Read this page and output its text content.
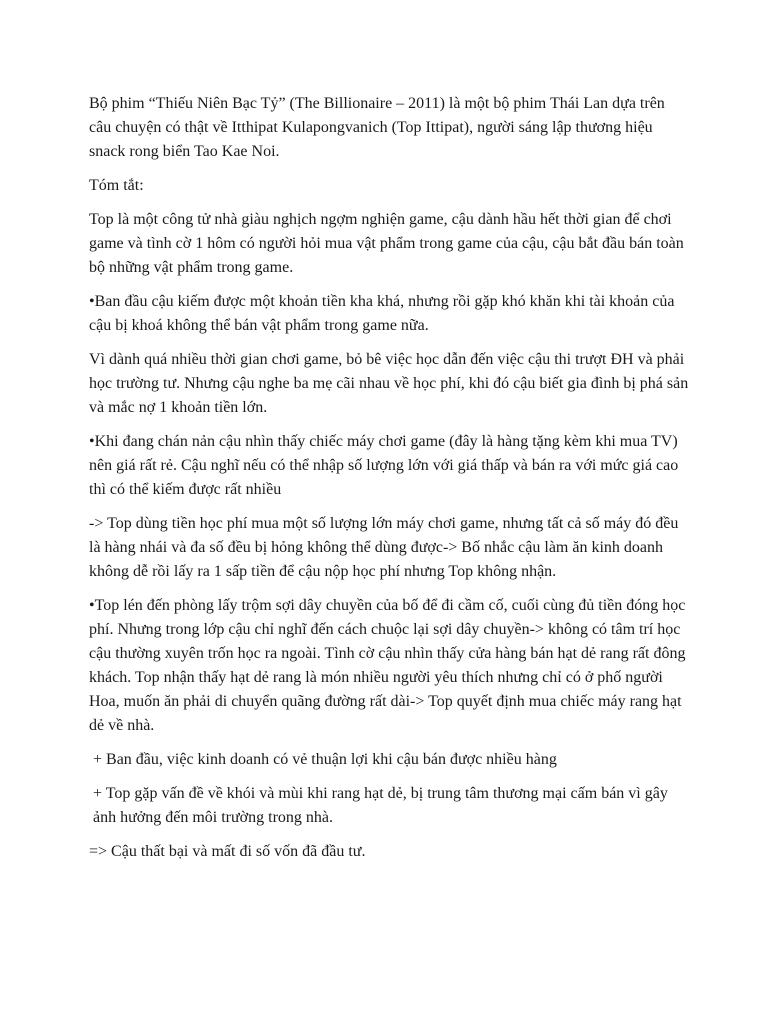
Bộ phim “Thiếu Niên Bạc Tỷ” (The Billionaire – 2011) là một bộ phim Thái Lan dựa trên câu chuyện có thật về Itthipat Kulapongvanich (Top Ittipat), người sáng lập thương hiệu snack rong biển Tao Kae Noi.

Tóm tắt:

Top là một công tử nhà giàu nghịch ngợm nghiện game, cậu dành hầu hết thời gian để chơi game và tình cờ 1 hôm có người hỏi mua vật phẩm trong game của cậu, cậu bắt đầu bán toàn bộ những vật phẩm trong game.

•Ban đầu cậu kiếm được một khoản tiền kha khá, nhưng rồi gặp khó khăn khi tài khoản của cậu bị khoá không thể bán vật phẩm trong game nữa.

Vì dành quá nhiều thời gian chơi game, bỏ bê việc học dẫn đến việc cậu thi trượt ĐH và phải học trường tư. Nhưng cậu nghe ba mẹ cãi nhau về học phí, khi đó cậu biết gia đình bị phá sản và mắc nợ 1 khoản tiền lớn.

•Khi đang chán nản cậu nhìn thấy chiếc máy chơi game (đây là hàng tặng kèm khi mua TV) nên giá rất rẻ. Cậu nghĩ nếu có thể nhập số lượng lớn với giá thấp và bán ra với mức giá cao thì có thể kiếm được rất nhiều

-> Top dùng tiền học phí mua một số lượng lớn máy chơi game, nhưng tất cả số máy đó đều là hàng nhái và đa số đều bị hỏng không thể dùng được-> Bố nhắc cậu làm ăn kinh doanh không dễ rồi lấy ra 1 sấp tiền để cậu nộp học phí nhưng Top không nhận.

•Top lén đến phòng lấy trộm sợi dây chuyền của bố để đi cầm cố, cuối cùng đủ tiền đóng học phí. Nhưng trong lớp cậu chỉ nghĩ đến cách chuộc lại sợi dây chuyền-> không có tâm trí học cậu thường xuyên trốn học ra ngoài. Tình cờ cậu nhìn thấy cửa hàng bán hạt dẻ rang rất đông khách. Top nhận thấy hạt dẻ rang là món nhiều người yêu thích nhưng chỉ có ở phố người Hoa, muốn ăn phải di chuyển quãng đường rất dài-> Top quyết định mua chiếc máy rang hạt dẻ về nhà.

+ Ban đầu, việc kinh doanh có vẻ thuận lợi khi cậu bán được nhiều hàng

+ Top gặp vấn đề về khói và mùi khi rang hạt dẻ, bị trung tâm thương mại cấm bán vì gây ảnh hưởng đến môi trường trong nhà.

=> Cậu thất bại và mất đi số vốn đã đầu tư.
